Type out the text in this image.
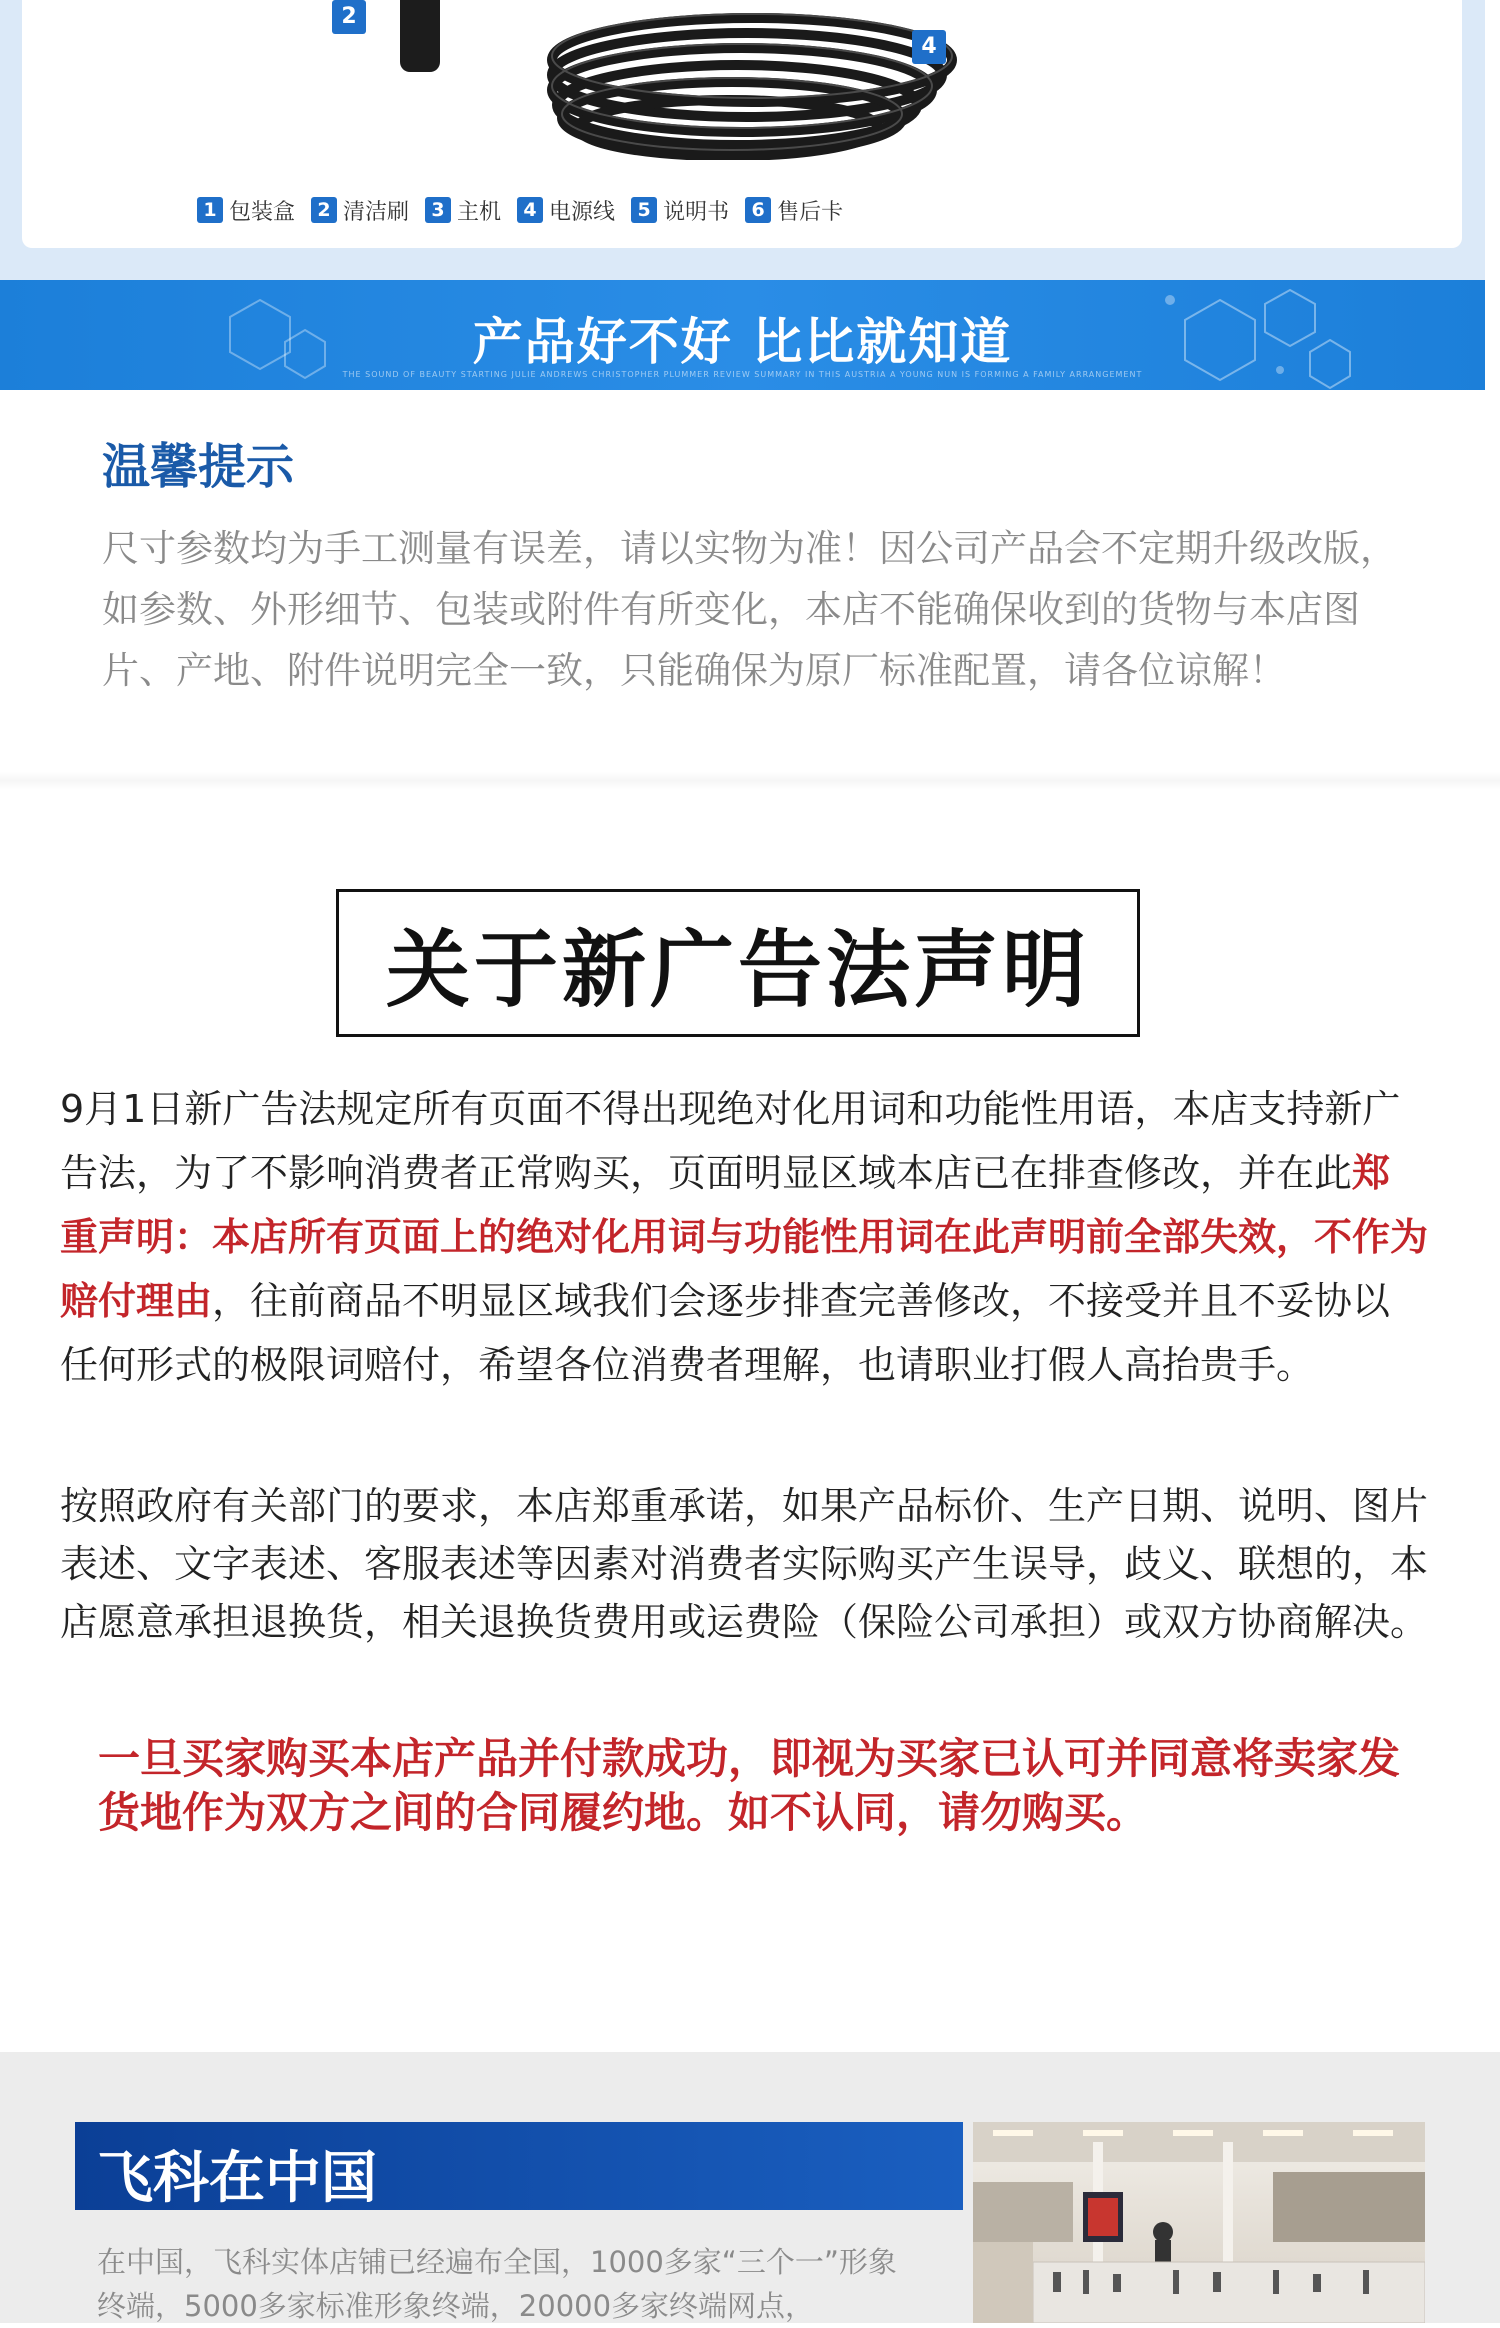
2
4
1 包装盒	2 清洁刷	3 主机	4 电源线	5 说明书	6 售后卡
产品好不好 比比就知道
THE SOUND OF BEAUTY STARTING JULIE ANDREWS CHRISTOPHER PLUMMER REVIEW SUMMARY IN THIS AUSTRIA A YOUNG NUN IS FORMING A FAMILY ARRANGEMENT
温馨提示
尺寸参数均为手工测量有误差，请以实物为准！因公司产品会不定期升级改版，如参数、外形细节、包装或附件有所变化，本店不能确保收到的货物与本店图片、产地、附件说明完全一致，只能确保为原厂标准配置，请各位谅解！
关于新广告法声明

9月1日新广告法规定所有页面不得出现绝对化用词和功能性用语，本店支持新广告法，为了不影响消费者正常购买，页面明显区域本店已在排查修改，并在此郑重声明：本店所有页面上的绝对化用词与功能性用词在此声明前全部失效，不作为赔付理由，往前商品不明显区域我们会逐步排查完善修改，不接受并且不妥协以任何形式的极限词赔付，希望各位消费者理解，也请职业打假人高抬贵手。

按照政府有关部门的要求，本店郑重承诺，如果产品标价、生产日期、说明、图片表述、文字表述、客服表述等因素对消费者实际购买产生误导，歧义、联想的，本店愿意承担退换货，相关退换货费用或运费险（保险公司承担）或双方协商解决。

一旦买家购买本店产品并付款成功，即视为买家已认可并同意将卖家发货地作为双方之间的合同履约地。如不认同，请勿购买。
飞科在中国
在中国，飞科实体店铺已经遍布全国，1000多家“三个一”形象终端，5000多家标准形象终端，20000多家终端网点，
